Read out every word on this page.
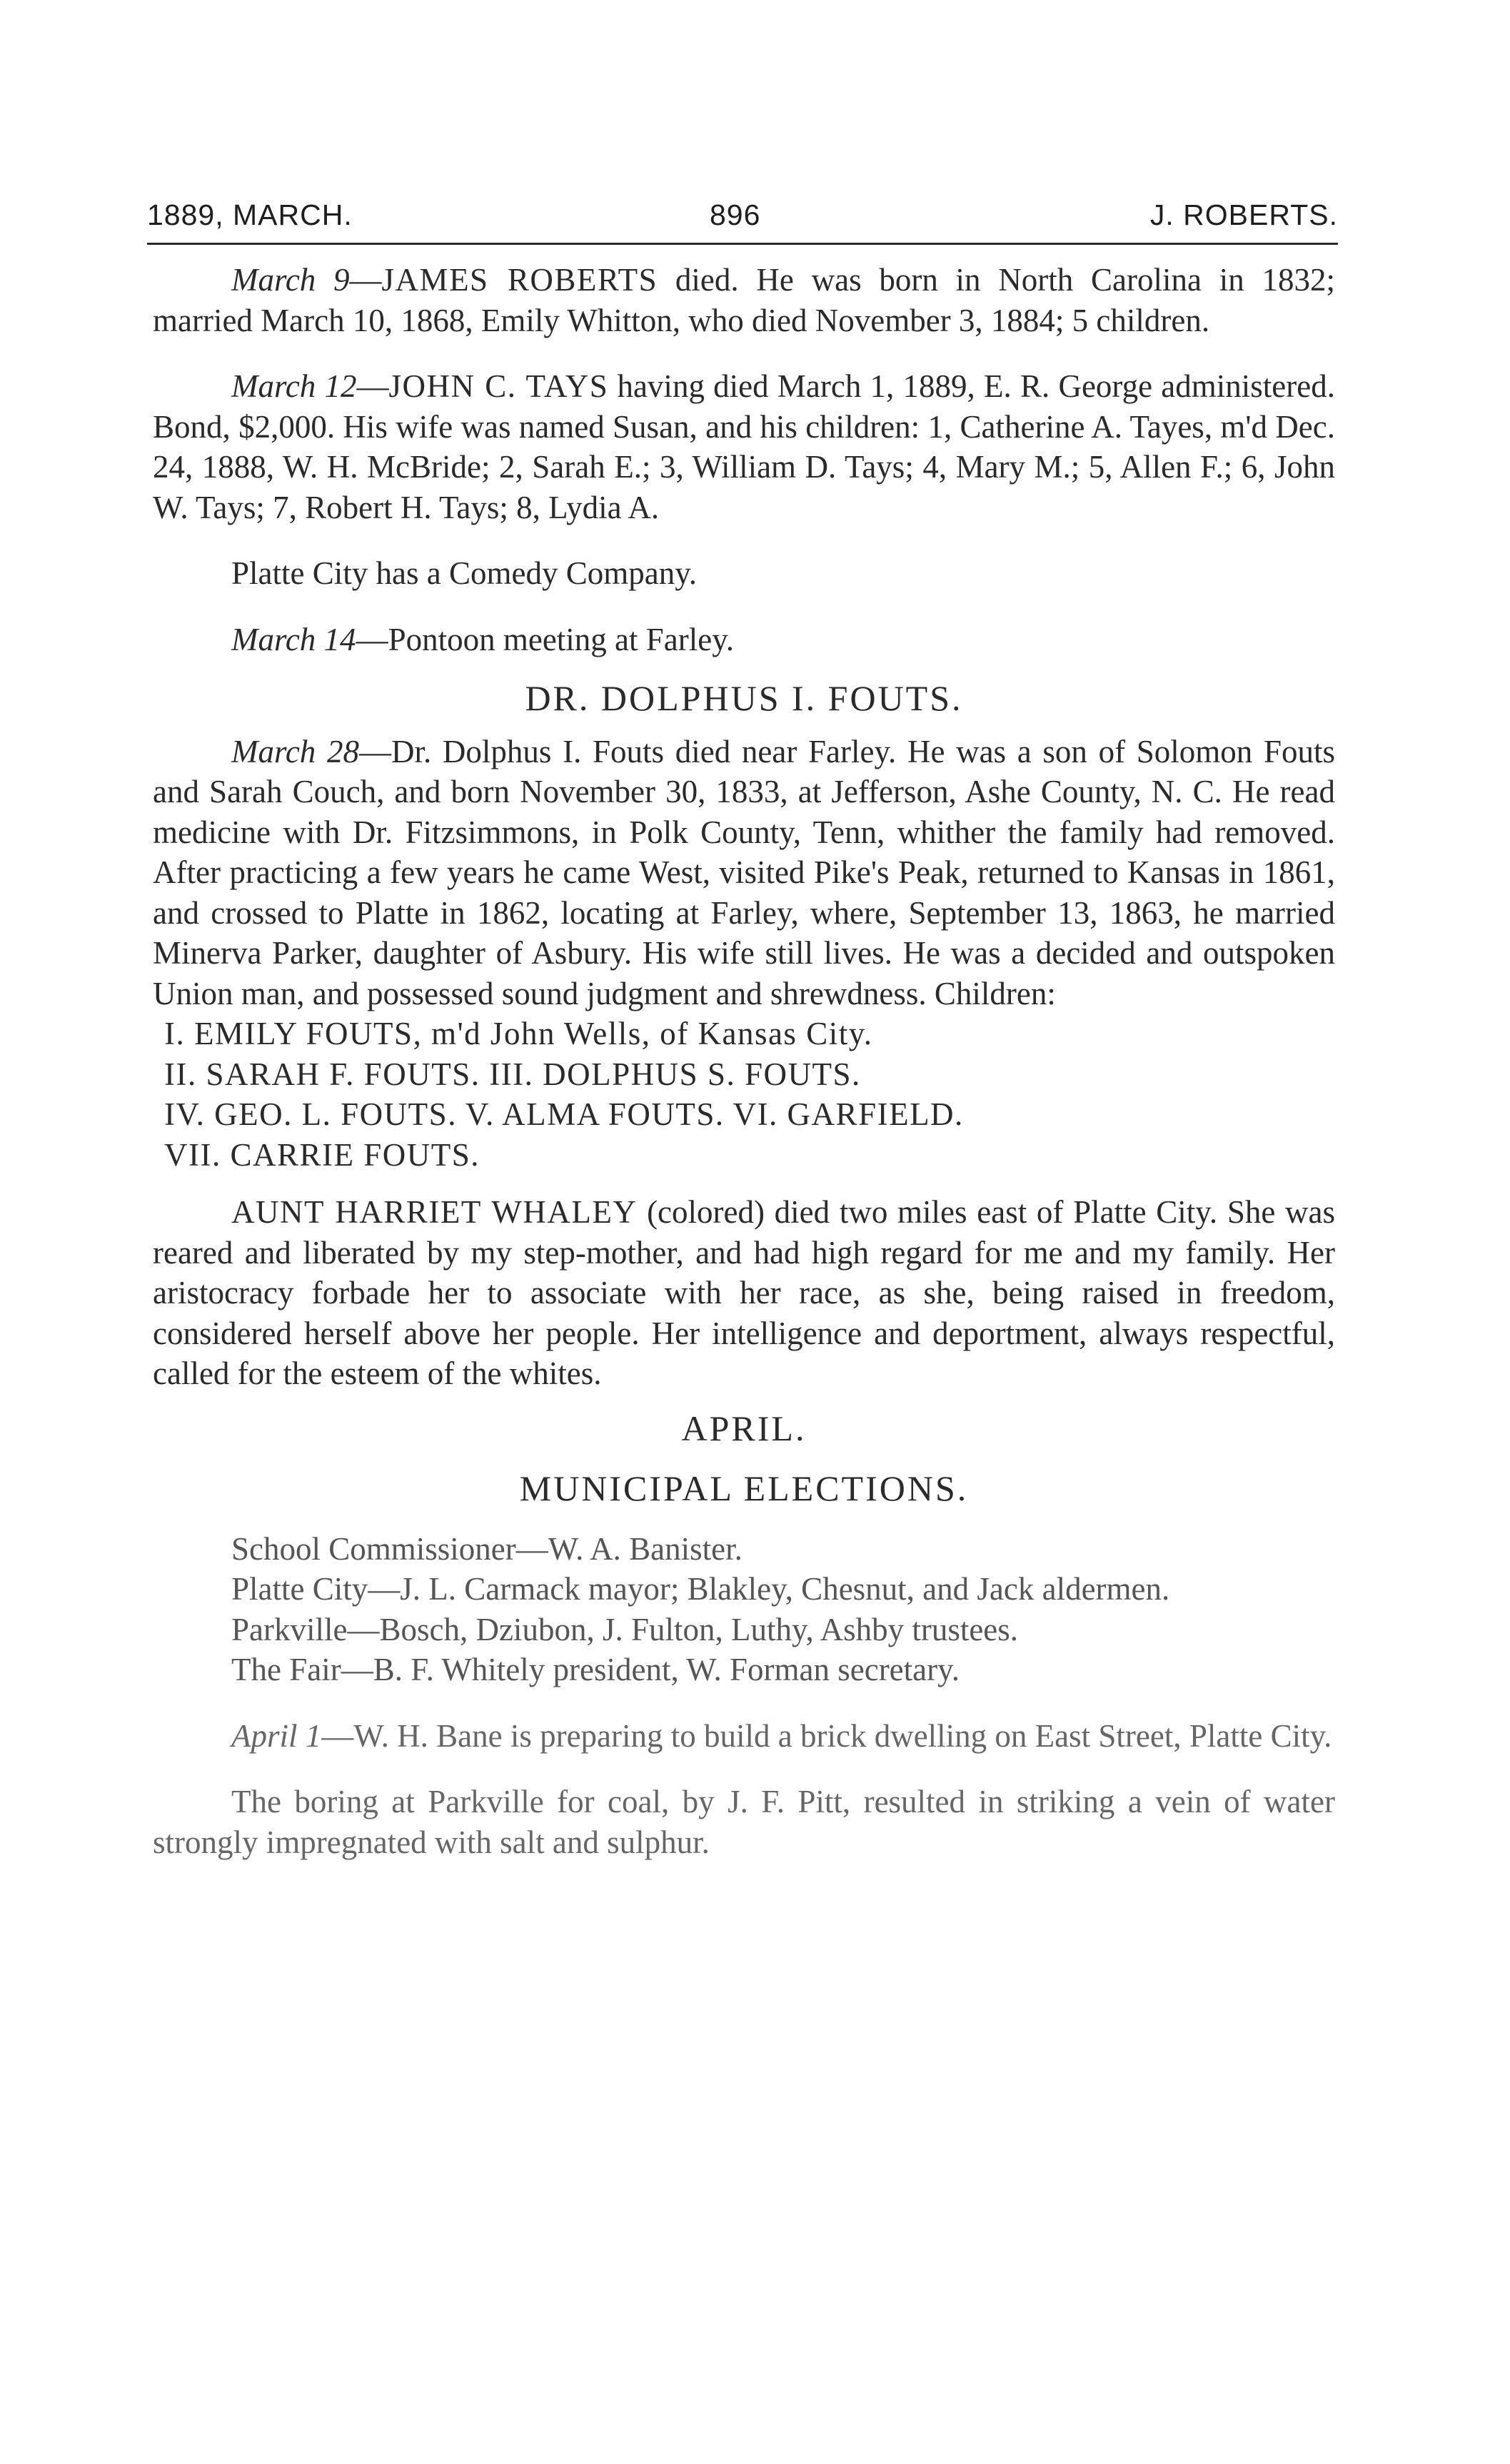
1889, MARCH.	896	J. ROBERTS.

March 9—JAMES ROBERTS died. He was born in North Carolina in 1832; married March 10, 1868, Emily Whitton, who died November 3, 1884; 5 children.

March 12—JOHN C. TAYS having died March 1, 1889, E. R. George administered. Bond, $2,000. His wife was named Susan, and his children: 1, Catherine A. Tayes, m'd Dec. 24, 1888, W. H. McBride; 2, Sarah E.; 3, William D. Tays; 4, Mary M.; 5, Allen F.; 6, John W. Tays; 7, Robert H. Tays; 8, Lydia A.

Platte City has a Comedy Company.

March 14—Pontoon meeting at Farley.

DR. DOLPHUS I. FOUTS.

March 28—Dr. Dolphus I. Fouts died near Farley. He was a son of Solomon Fouts and Sarah Couch, and born November 30, 1833, at Jefferson, Ashe County, N. C. He read medicine with Dr. Fitzsimmons, in Polk County, Tenn, whither the family had removed. After practicing a few years he came West, visited Pike's Peak, returned to Kansas in 1861, and crossed to Platte in 1862, locating at Farley, where, September 13, 1863, he married Minerva Parker, daughter of Asbury. His wife still lives. He was a decided and outspoken Union man, and possessed sound judgment and shrewdness. Children:

I. EMILY FOUTS, m'd John Wells, of Kansas City.

II. SARAH F. FOUTS. III. DOLPHUS S. FOUTS.

IV. GEO. L. FOUTS. V. ALMA FOUTS. VI. GARFIELD.

VII. CARRIE FOUTS.

AUNT HARRIET WHALEY (colored) died two miles east of Platte City. She was reared and liberated by my step-mother, and had high regard for me and my family. Her aristocracy forbade her to associate with her race, as she, being raised in freedom, considered herself above her people. Her intelligence and deportment, always respectful, called for the esteem of the whites.

APRIL.
MUNICIPAL ELECTIONS.

School Commissioner—W. A. Banister.

Platte City—J. L. Carmack mayor; Blakley, Chesnut, and Jack aldermen.

Parkville—Bosch, Dziubon, J. Fulton, Luthy, Ashby trustees.

The Fair—B. F. Whitely president, W. Forman secretary.

April 1—W. H. Bane is preparing to build a brick dwelling on East Street, Platte City.

The boring at Parkville for coal, by J. F. Pitt, resulted in striking a vein of water strongly impregnated with salt and sulphur.
